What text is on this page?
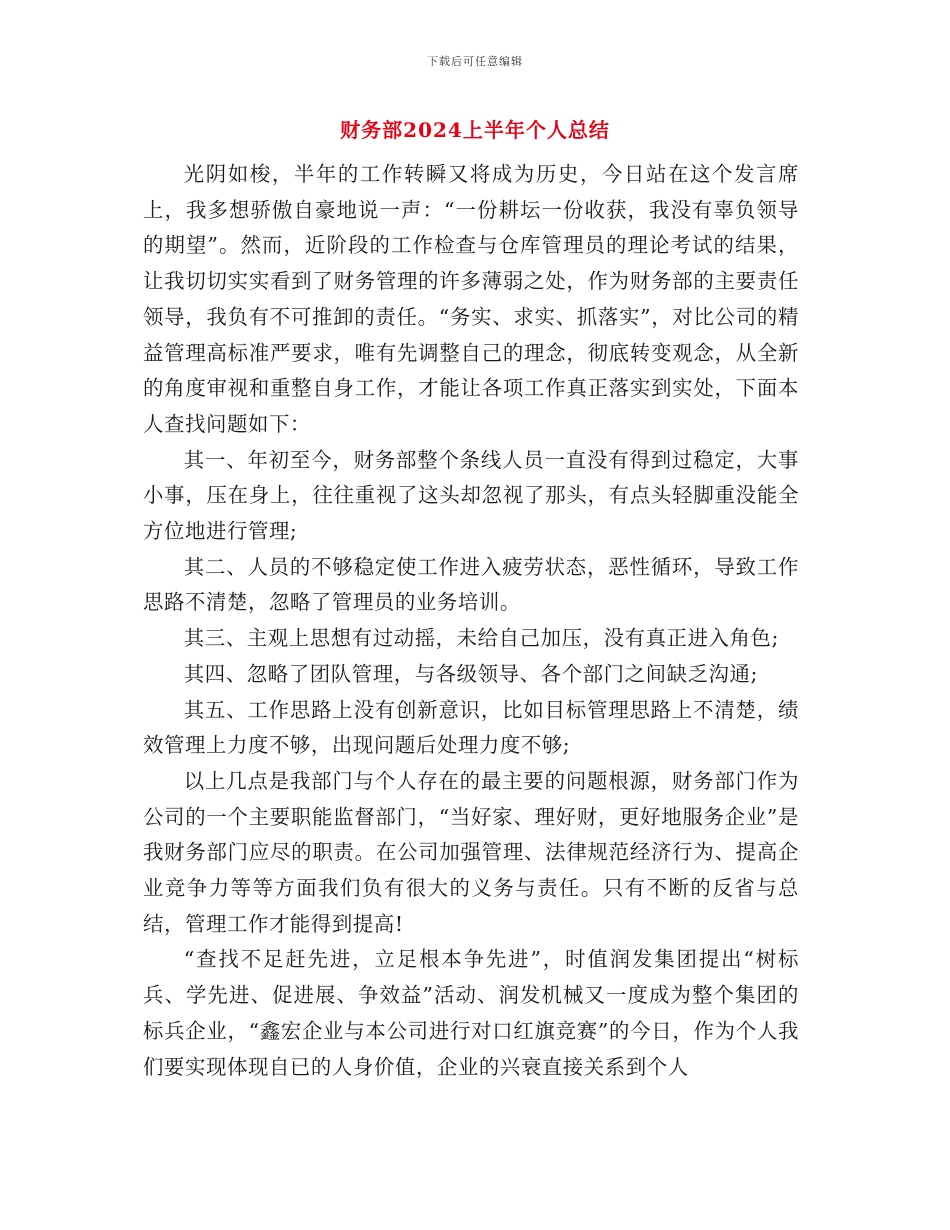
下载后可任意编辑
财务部2024上半年个人总结

光阴如梭，半年的工作转瞬又将成为历史，今日站在这个发言席上，我多想骄傲自豪地说一声：“一份耕坛一份收获，我没有辜负领导的期望”。然而，近阶段的工作检查与仓库管理员的理论考试的结果，让我切切实实看到了财务管理的许多薄弱之处，作为财务部的主要责任领导，我负有不可推卸的责任。“务实、求实、抓落实”，对比公司的精益管理高标准严要求，唯有先调整自己的理念，彻底转变观念，从全新的角度审视和重整自身工作，才能让各项工作真正落实到实处，下面本人查找问题如下：

其一、年初至今，财务部整个条线人员一直没有得到过稳定，大事小事，压在身上，往往重视了这头却忽视了那头，有点头轻脚重没能全方位地进行管理;

其二、人员的不够稳定使工作进入疲劳状态，恶性循环，导致工作思路不清楚，忽略了管理员的业务培训。

其三、主观上思想有过动摇，未给自己加压，没有真正进入角色;

其四、忽略了团队管理，与各级领导、各个部门之间缺乏沟通;

其五、工作思路上没有创新意识，比如目标管理思路上不清楚，绩效管理上力度不够，出现问题后处理力度不够;

以上几点是我部门与个人存在的最主要的问题根源，财务部门作为公司的一个主要职能监督部门，“当好家、理好财，更好地服务企业”是我财务部门应尽的职责。在公司加强管理、法律规范经济行为、提高企业竞争力等等方面我们负有很大的义务与责任。只有不断的反省与总结，管理工作才能得到提高!

“查找不足赶先进，立足根本争先进”，时值润发集团提出“树标兵、学先进、促进展、争效益”活动、润发机械又一度成为整个集团的标兵企业，“鑫宏企业与本公司进行对口红旗竞赛”的今日，作为个人我们要实现体现自已的人身价值，企业的兴衰直接关系到个人
